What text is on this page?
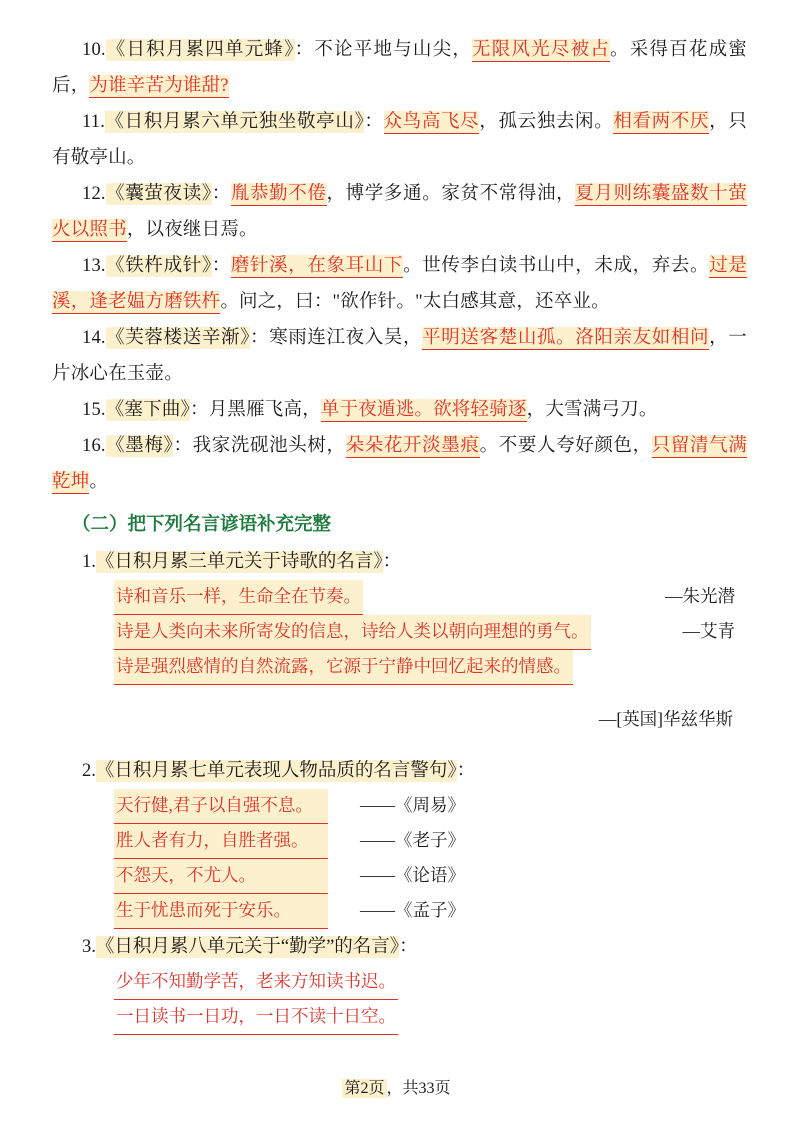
10.《日积月累四单元蜂》：不论平地与山尖，无限风光尽被占。采得百花成蜜后，为谁辛苦为谁甜?

11.《日积月累六单元独坐敬亭山》：众鸟高飞尽，孤云独去闲。相看两不厌，只有敬亭山。

12.《囊萤夜读》：胤恭勤不倦，博学多通。家贫不常得油，夏月则练囊盛数十萤火以照书，以夜继日焉。

13.《铁杵成针》：磨针溪，在象耳山下。世传李白读书山中，未成，弃去。过是溪，逢老媪方磨铁杵。问之，曰："欲作针。"太白感其意，还卒业。

14.《芙蓉楼送辛渐》：寒雨连江夜入吴，平明送客楚山孤。洛阳亲友如相问，一片冰心在玉壶。

15.《塞下曲》：月黑雁飞高，单于夜遁逃。欲将轻骑逐，大雪满弓刀。

16.《墨梅》：我家洗砚池头树，朵朵花开淡墨痕。不要人夸好颜色，只留清气满乾坤。

（二）把下列名言谚语补充完整

1.《日积月累三单元关于诗歌的名言》：

诗和音乐一样，生命全在节奏。	—朱光潜

诗是人类向未来所寄发的信息，诗给人类以朝向理想的勇气。	—艾青

诗是强烈感情的自然流露，它源于宁静中回忆起来的情感。

—[英国]华兹华斯

2.《日积月累七单元表现人物品质的名言警句》：

天行健,君子以自强不息。	——《周易》
胜人者有力，自胜者强。	——《老子》
不怨天，不尤人。	——《论语》
生于忧患而死于安乐。	——《孟子》

3.《日积月累八单元关于“勤学”的名言》：

少年不知勤学苦，老来方知读书迟。

一日读书一日功，一日不读十日空。

第2页 ，共33页
